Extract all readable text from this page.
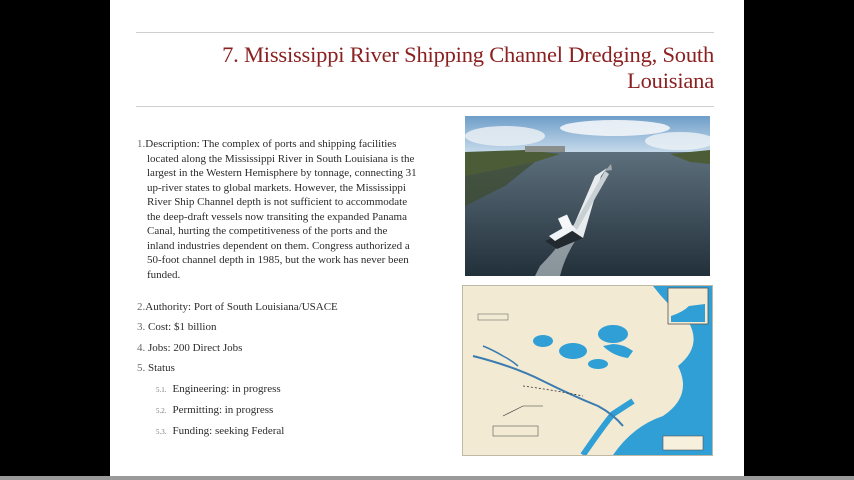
7. Mississippi River Shipping Channel Dredging, South Louisiana
1.Description: The complex of ports and shipping facilities located along the Mississippi River in South Louisiana is the largest in the Western Hemisphere by tonnage, connecting 31 up-river states to global markets. However, the Mississippi River Ship Channel depth is not sufficient to accommodate the deep-draft vessels now transiting the expanded Panama Canal, hurting the competitiveness of the ports and the inland industries dependent on them. Congress authorized a 50-foot channel depth in 1985, but the work has never been funded.
2.Authority: Port of South Louisiana/USACE
3. Cost: $1 billion
4. Jobs: 200 Direct Jobs
5. Status
5.1. Engineering: in progress
5.2. Permitting: in progress
5.3. Funding: seeking Federal
